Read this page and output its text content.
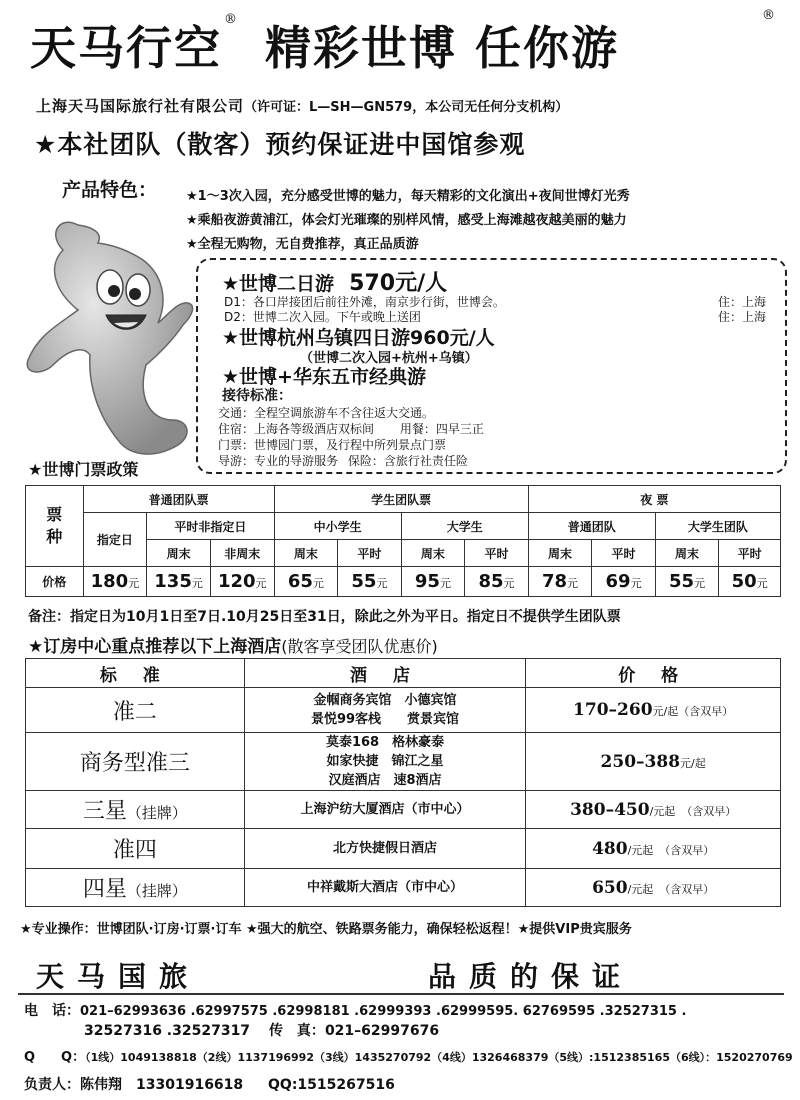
天马行空® 精彩世博 任你游
®
上海天马国际旅行社有限公司（许可证：L—SH—GN579，本公司无任何分支机构）
★本社团队（散客）预约保证进中国馆参观
产品特色： ★1～3次入园，充分感受世博的魅力，每天精彩的文化演出+夜间世博灯光秀
★乘船夜游黄浦江，体会灯光璀璨的别样风情，感受上海滩越夜越美丽的魅力
★全程无购物，无自费推荐，真正品质游
★世博二日游 570元/人
D1：各口岸接团后前往外滩，南京步行街，世博会。	住：上海
D2：世博二次入园。下午或晚上送团	住：上海
★世博杭州乌镇四日游960元/人
（世博二次入园+杭州+乌镇）
★世博+华东五市经典游
接待标准：
交通：全程空调旅游车不含往返大交通。
住宿：上海各等级酒店双标间 用餐：四早三正
门票：世博园门票，及行程中所列景点门票
导游：专业的导游服务 保险：含旅行社责任险
★世博门票政策
票种	普通团队票			学生团队票				夜 票			
	指定日	平时非指定日		中小学生		大学生		普通团队		大学生团队	
		周末	非周末	周末	平时	周末	平时	周末	平时	周末	平时
价格	180元	135元	120元	65元	55元	95元	85元	78元	69元	55元	50元
备注：指定日为10月1日至7日.10月25日至31日，除此之外为平日。指定日不提供学生团队票
★订房中心重点推荐以下上海酒店(散客享受团队优惠价)
标 准	酒 店	价 格
准二	金帼商务宾馆　小德宾馆
景悦99客栈　　赏景宾馆	170–260元/起（含双早）
商务型准三	莫泰168　格林豪泰
如家快捷　锦江之星
汉庭酒店　速8酒店	250–388元/起
三星（挂牌）	上海沪纺大厦酒店（市中心）	380–450/元起 （含双早）
准四	北方快捷假日酒店	480/元起 （含双早）
四星（挂牌）	中祥戴斯大酒店（市中心）	650/元起 （含双早）
★专业操作：世博团队·订房·订票·订车 ★强大的航空、铁路票务能力，确保轻松返程！★提供VIP贵宾服务
天马国旅	品质的保证
电　话：021–62993636 .62997575 .62998181 .62999393 .62999595. 62769595 .32527315 .
32527316 .32527317 传　真：021–62997676
Q　　Q：（1线）1049138818（2线）1137196992（3线）1435270792（4线）1326468379（5线）:1512385165（6线）：1520270769
负责人：陈伟翔　13301916618 QQ:1515267516
